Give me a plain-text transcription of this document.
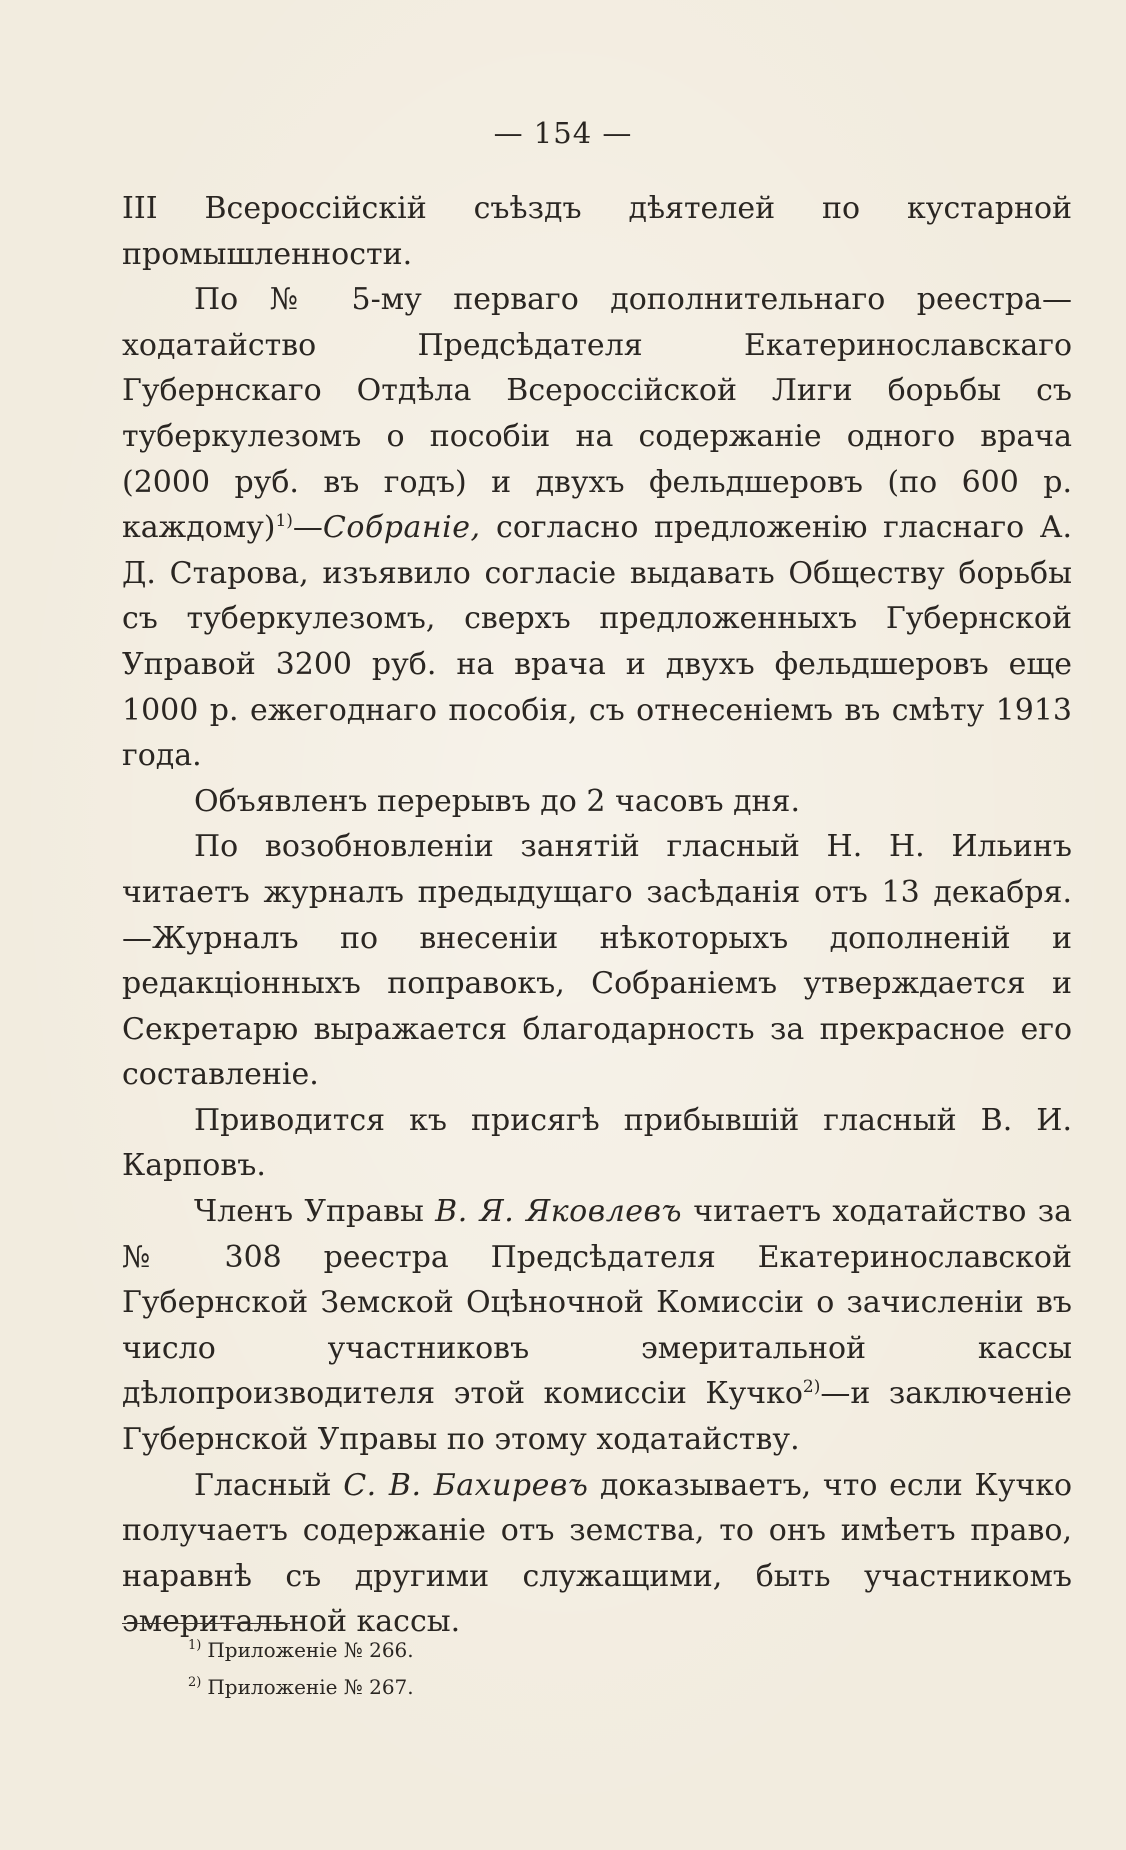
— 154 —

III Всероссійскій съѣздъ дѣятелей по кустарной промышленности.

По № 5-му перваго дополнительнаго реестра—ходатайство Предсѣдателя Екатеринославскаго Губернскаго Отдѣла Всероссійской Лиги борьбы съ туберкулезомъ о пособіи на содержаніе одного врача (2000 руб. въ годъ) и двухъ фельдшеровъ (по 600 р. каждому)$^{1)}$—Собраніе, согласно предложенію гласнаго А. Д. Старова, изъявило согласіе выдавать Обществу борьбы съ туберкулезомъ, сверхъ предложенныхъ Губернской Управой 3200 руб. на врача и двухъ фельдшеровъ еще 1000 р. ежегоднаго пособія, съ отнесеніемъ въ смѣту 1913 года.

Объявленъ перерывъ до 2 часовъ дня.

По возобновленіи занятій гласный Н. Н. Ильинъ читаетъ журналъ предыдущаго засѣданія отъ 13 декабря.—Журналъ по внесеніи нѣкоторыхъ дополненій и редакціонныхъ поправокъ, Собраніемъ утверждается и Секретарю выражается благодарность за прекрасное его составленіе.

Приводится къ присягѣ прибывшій гласный В. И. Карповъ.

Членъ Управы В. Я. Яковлевъ читаетъ ходатайство за № 308 реестра Предсѣдателя Екатеринославской Губернской Земской Оцѣночной Комиссіи о зачисленіи въ число участниковъ эмеритальной кассы дѣлопроизводителя этой комиссіи Кучко$^{2)}$—и заключеніе Губернской Управы по этому ходатайству.

Гласный С. В. Бахиревъ доказываетъ, что если Кучко получаетъ содержаніе отъ земства, то онъ имѣетъ право, наравнѣ съ другими служащими, быть участникомъ эмеритальной кассы.

$^{1)}$ Приложеніе № 266.
$^{2)}$ Приложеніе № 267.
